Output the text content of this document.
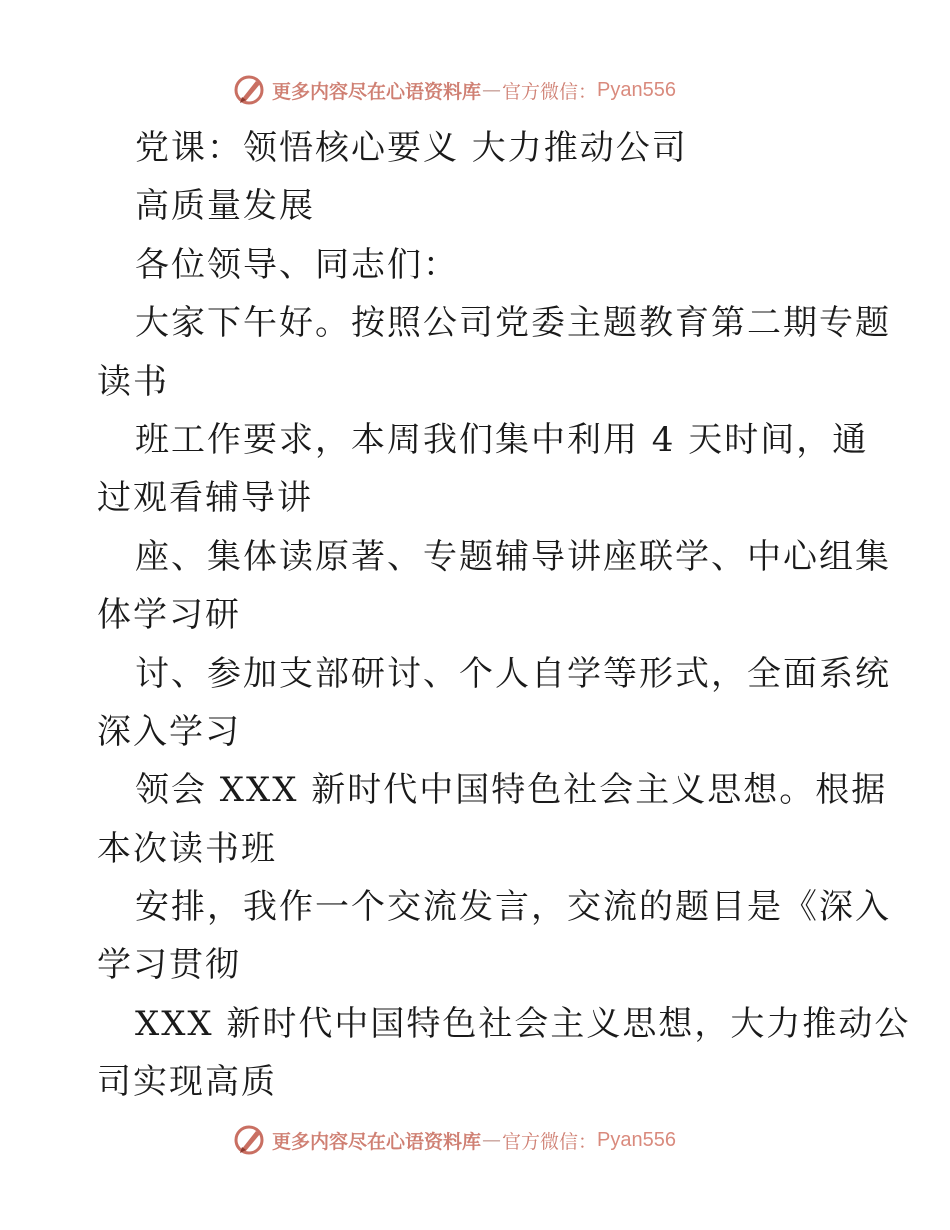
更多内容尽在心语资料库 — 官方微信： Pyan556
党课：领悟核心要义 大力推动公司
高质量发展
各位领导、同志们：
大家下午好。按照公司党委主题教育第二期专题
读书
班工作要求，本周我们集中利用 4 天时间，通
过观看辅导讲
座、集体读原著、专题辅导讲座联学、中心组集
体学习研
讨、参加支部研讨、个人自学等形式，全面系统
深入学习
领会 XXX 新时代中国特色社会主义思想。根据
本次读书班
安排，我作一个交流发言，交流的题目是《深入
学习贯彻
XXX 新时代中国特色社会主义思想，大力推动公
司实现高质
更多内容尽在心语资料库 — 官方微信： Pyan556
